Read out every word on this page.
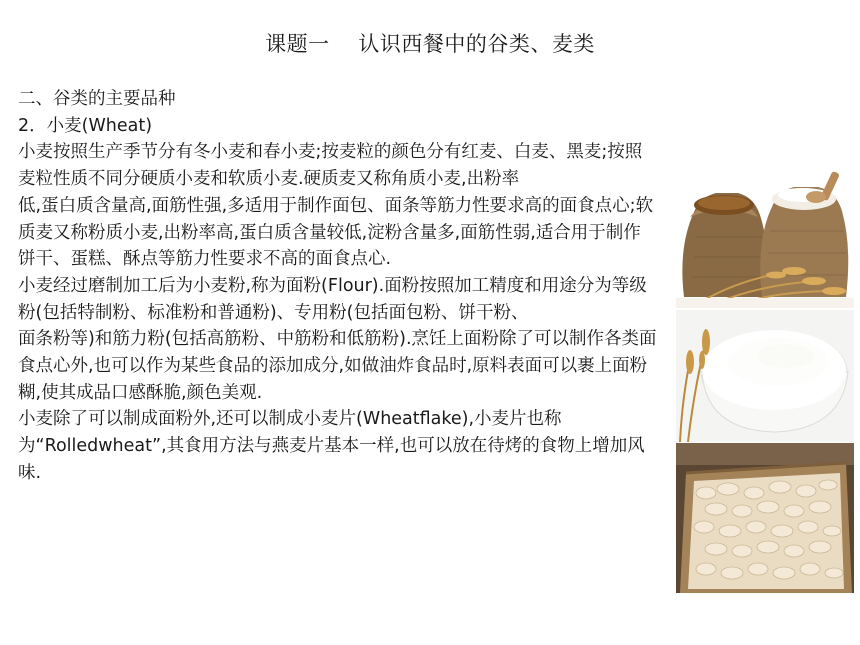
课题一    认识西餐中的谷类、麦类
二、谷类的主要品种
2．小麦(Wheat)
小麦按照生产季节分有冬小麦和春小麦;按麦粒的颜色分有红麦、白麦、黑麦;按照麦粒性质不同分硬质小麦和软质小麦.硬质麦又称角质小麦,出粉率
低,蛋白质含量高,面筋性强,多适用于制作面包、面条等筋力性要求高的面食点心;软质麦又称粉质小麦,出粉率高,蛋白质含量较低,淀粉含量多,面筋性弱,适合用于制作饼干、蛋糕、酥点等筋力性要求不高的面食点心.
小麦经过磨制加工后为小麦粉,称为面粉(Flour).面粉按照加工精度和用途分为等级粉(包括特制粉、标准粉和普通粉)、专用粉(包括面包粉、饼干粉、
面条粉等)和筋力粉(包括高筋粉、中筋粉和低筋粉).烹饪上面粉除了可以制作各类面食点心外,也可以作为某些食品的添加成分,如做油炸食品时,原料表面可以裹上面粉糊,使其成品口感酥脆,颜色美观.
小麦除了可以制成面粉外,还可以制成小麦片(Wheatflake),小麦片也称为“Rolledwheat”,其食用方法与燕麦片基本一样,也可以放在待烤的食物上增加风味.
